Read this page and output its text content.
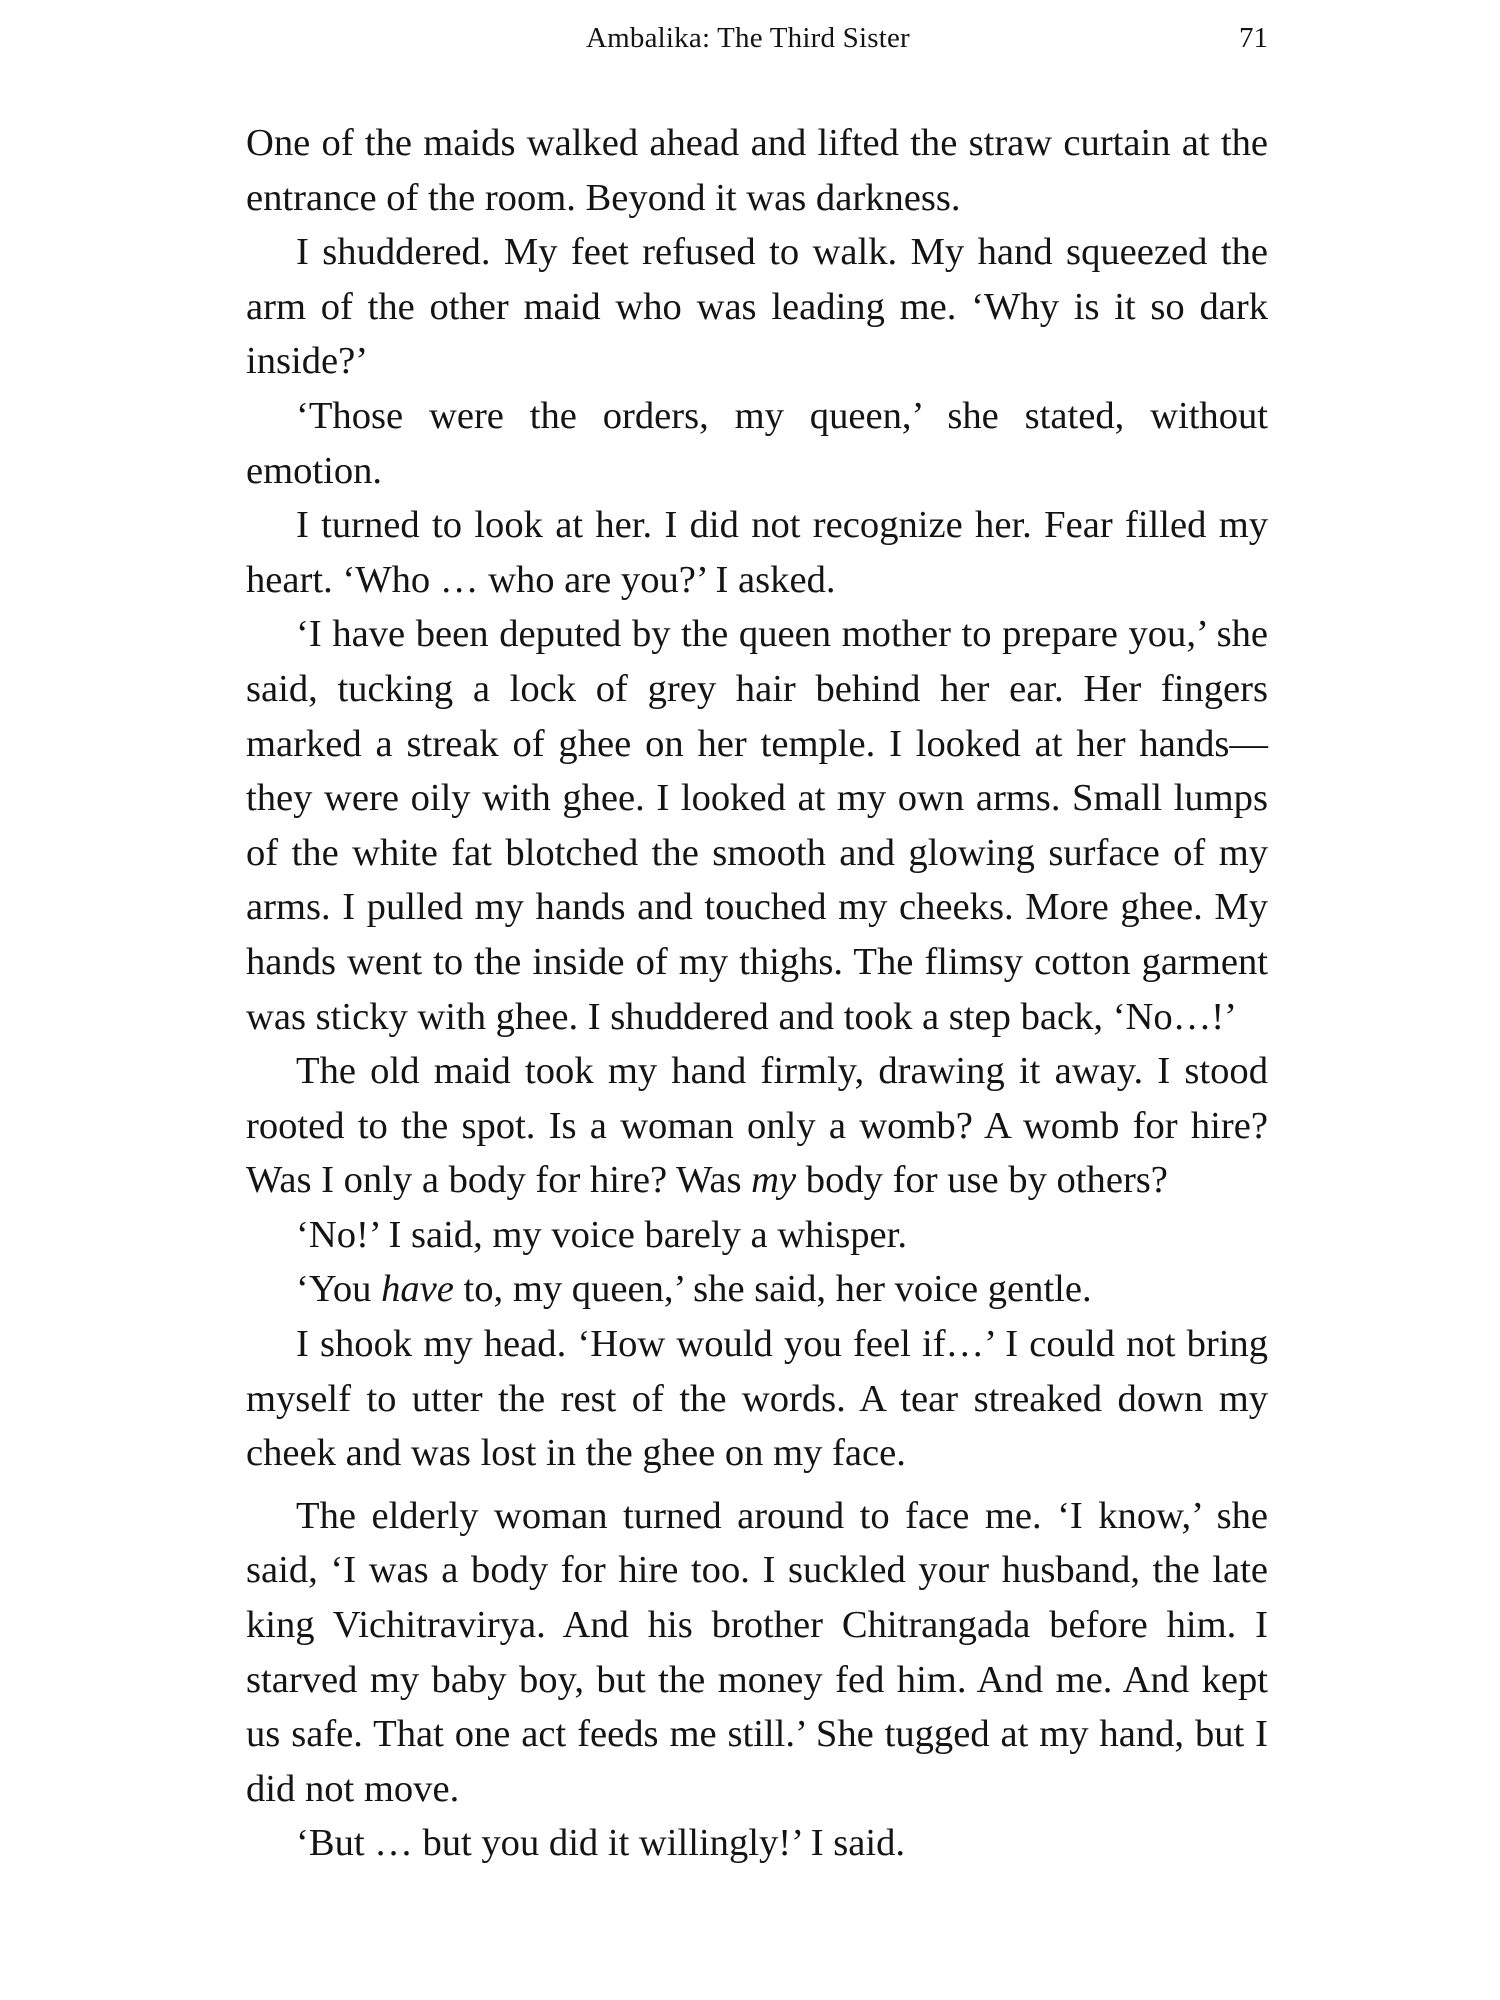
Ambalika: The Third Sister	71

One of the maids walked ahead and lifted the straw curtain at the entrance of the room. Beyond it was darkness.

I shuddered. My feet refused to walk. My hand squeezed the arm of the other maid who was leading me. ‘Why is it so dark inside?’

‘Those were the orders, my queen,’ she stated, without emotion.

I turned to look at her. I did not recognize her. Fear filled my heart. ‘Who … who are you?’ I asked.

‘I have been deputed by the queen mother to prepare you,’ she said, tucking a lock of grey hair behind her ear. Her fingers marked a streak of ghee on her temple. I looked at her hands—they were oily with ghee. I looked at my own arms. Small lumps of the white fat blotched the smooth and glowing surface of my arms. I pulled my hands and touched my cheeks. More ghee. My hands went to the inside of my thighs. The flimsy cotton garment was sticky with ghee. I shuddered and took a step back, ‘No…!’

The old maid took my hand firmly, drawing it away. I stood rooted to the spot. Is a woman only a womb? A womb for hire? Was I only a body for hire? Was my body for use by others?

‘No!’ I said, my voice barely a whisper.

‘You have to, my queen,’ she said, her voice gentle.

I shook my head. ‘How would you feel if…’ I could not bring myself to utter the rest of the words. A tear streaked down my cheek and was lost in the ghee on my face.

The elderly woman turned around to face me. ‘I know,’ she said, ‘I was a body for hire too. I suckled your husband, the late king Vichitravirya. And his brother Chitrangada before him. I starved my baby boy, but the money fed him. And me. And kept us safe. That one act feeds me still.’ She tugged at my hand, but I did not move.

‘But … but you did it willingly!’ I said.
